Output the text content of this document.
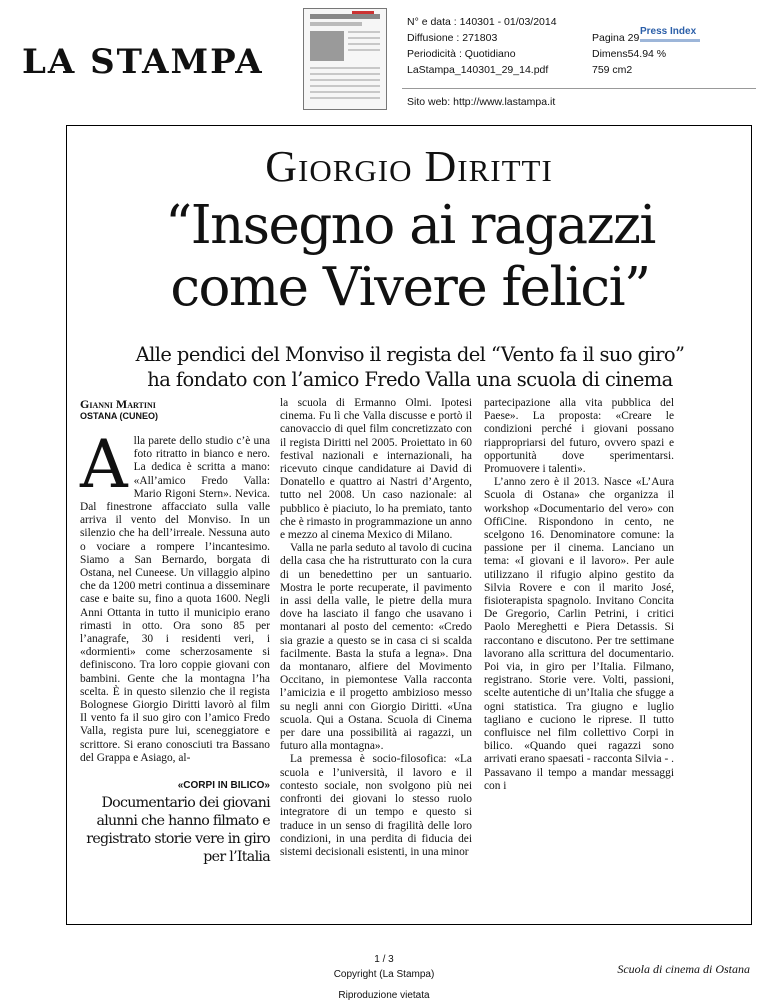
LA STAMPA
N° e data : 140301 - 01/03/2014
Diffusione : 271803
Periodicità : Quotidiano
LaStampa_140301_29_14.pdf
Pagina 29
Dimens54.94 %
759 cm2
Press Index
Sito web: http://www.lastampa.it
Giorgio Diritti
“Insegno ai ragazzi
come Vivere felici”
Alle pendici del Monviso il regista del “Vento fa il suo giro”
ha fondato con l’amico Fredo Valla una scuola di cinema
Gianni Martini
OSTANA (CUNEO)

Alla parete dello studio c’è una foto ritratto in bianco e nero. La dedica è scritta a mano: «All’amico Fredo Valla: Mario Rigoni Stern». Nevica. Dal finestrone affacciato sulla valle arriva il vento del Monviso. In un silenzio che ha dell’irreale. Nessuna auto o vociare a rompere l’incantesimo. Siamo a San Bernardo, borgata di Ostana, nel Cuneese. Un villaggio alpino che da 1200 metri continua a disseminare case e baite su, fino a quota 1600. Negli Anni Ottanta in tutto il municipio erano rimasti in otto. Ora sono 85 per l’anagrafe, 30 i residenti veri, i «dormienti» come scherzosamente si definiscono. Tra loro coppie giovani con bambini. Gente che la montagna l’ha scelta. È in questo silenzio che il regista Bolognese Giorgio Diritti lavorò al film Il vento fa il suo giro con l’amico Fredo Valla, regista pure lui, sceneggiatore e scrittore. Si erano conosciuti tra Bassano del Grappa e Asiago, al-

«CORPI IN BILICO»
Documentario dei giovani alunni che hanno filmato e registrato storie vere in giro per l’Italia

la scuola di Ermanno Olmi. Ipotesi cinema. Fu lì che Valla discusse e portò il canovaccio di quel film concretizzato con il regista Diritti nel 2005. Proiettato in 60 festival nazionali e internazionali, ha ricevuto cinque candidature ai David di Donatello e quattro ai Nastri d’Argento, tutto nel 2008. Un caso nazionale: al pubblico è piaciuto, lo ha premiato, tanto che è rimasto in programmazione un anno e mezzo al cinema Mexico di Milano.

Valla ne parla seduto al tavolo di cucina della casa che ha ristrutturato con la cura di un benedettino per un santuario. Mostra le porte recuperate, il pavimento in assi della valle, le pietre della mura dove ha lasciato il fango che usavano i montanari al posto del cemento: «Credo sia grazie a questo se in casa ci si scalda facilmente. Basta la stufa a legna». Dna da montanaro, alfiere del Movimento Occitano, in piemontese Valla racconta l’amicizia e il progetto ambizioso messo su negli anni con Giorgio Diritti. «Una scuola. Qui a Ostana. Scuola di Cinema per dare una possibilità ai ragazzi, un futuro alla montagna».

La premessa è socio-filosofica: «La scuola e l’università, il lavoro e il contesto sociale, non svolgono più nei confronti dei giovani lo stesso ruolo integratore di un tempo e questo si traduce in un senso di fragilità delle loro condizioni, in una perdita di fiducia dei sistemi decisionali esistenti, in una minor

partecipazione alla vita pubblica del Paese». La proposta: «Creare le condizioni perché i giovani possano riappropriarsi del futuro, ovvero spazi e opportunità dove sperimentarsi. Promuovere i talenti».

L’anno zero è il 2013. Nasce «L’Aura Scuola di Ostana» che organizza il workshop «Documentario del vero» con OffiCine. Rispondono in cento, ne scelgono 16. Denominatore comune: la passione per il cinema. Lanciano un tema: «I giovani e il lavoro». Per aule utilizzano il rifugio alpino gestito da Silvia Rovere e con il marito José, fisioterapista spagnolo. Invitano Concita De Gregorio, Carlin Petrini, i critici Paolo Mereghetti e Piera Detassis. Si raccontano e discutono. Per tre settimane lavorano alla scrittura del documentario. Poi via, in giro per l’Italia. Filmano, registrano. Storie vere. Volti, passioni, scelte autentiche di un’Italia che sfugge a ogni statistica. Tra giugno e luglio tagliano e cuciono le riprese. Il tutto confluisce nel film collettivo Corpi in bilico. «Quando quei ragazzi sono arrivati erano spaesati - racconta Silvia - . Passavano il tempo a mandar messaggi con i

1 / 3
Copyright (La Stampa)
Riproduzione vietata
Scuola di cinema di Ostana
